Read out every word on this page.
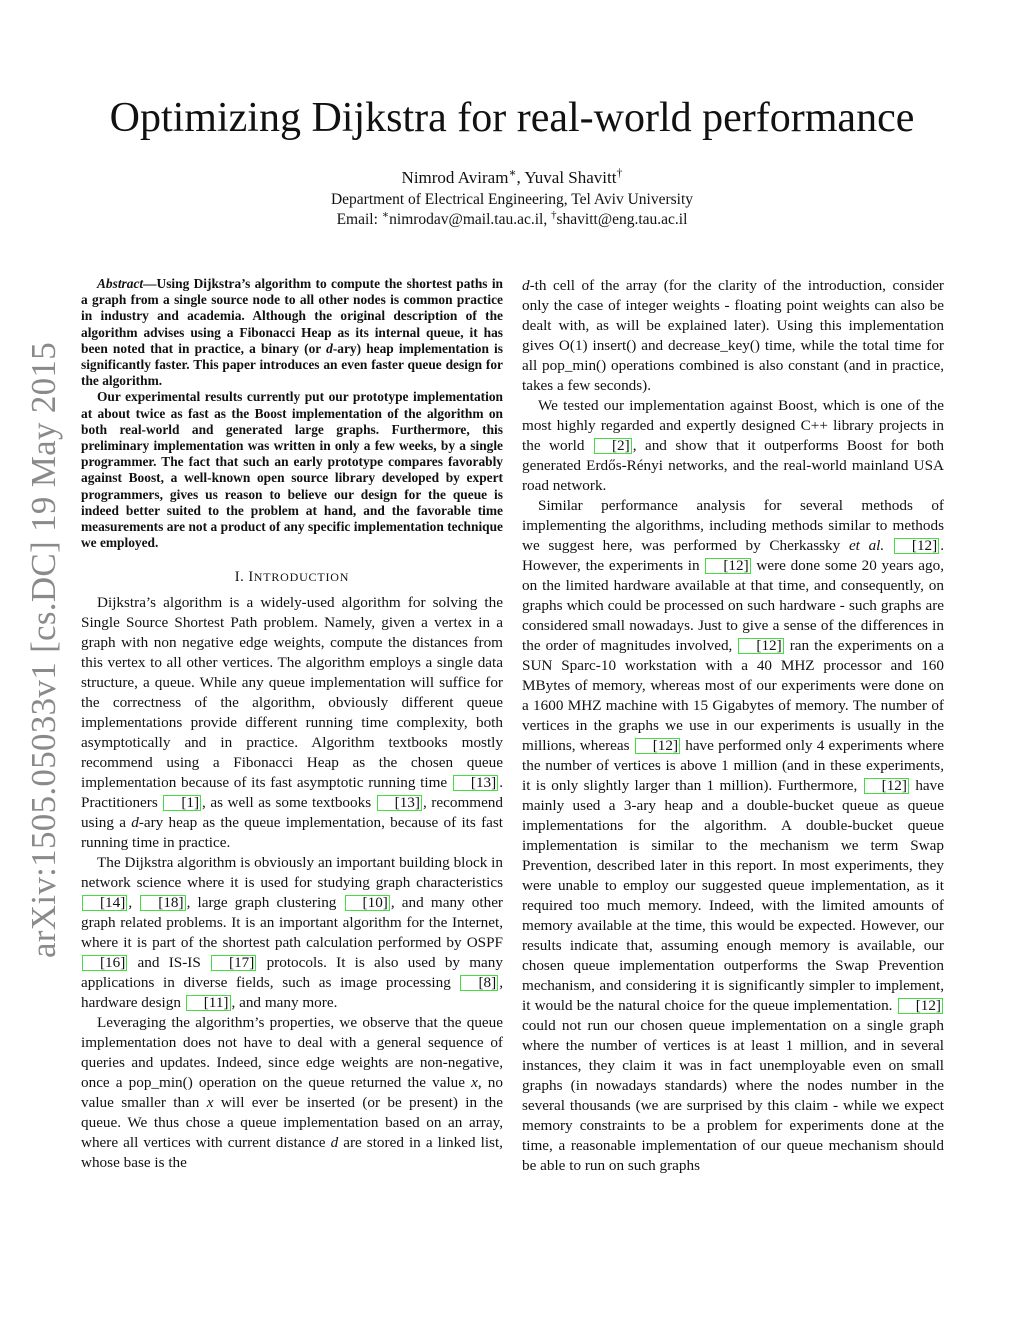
arXiv:1505.05033v1 [cs.DC] 19 May 2015
Optimizing Dijkstra for real-world performance
Nimrod Aviram∗, Yuval Shavitt†
Department of Electrical Engineering, Tel Aviv University
Email: ∗nimrodav@mail.tau.ac.il, †shavitt@eng.tau.ac.il

Abstract—Using Dijkstra’s algorithm to compute the shortest paths in a graph from a single source node to all other nodes is common practice in industry and academia. Although the original description of the algorithm advises using a Fibonacci Heap as its internal queue, it has been noted that in practice, a binary (or d-ary) heap implementation is significantly faster. This paper introduces an even faster queue design for the algorithm.

Our experimental results currently put our prototype implementation at about twice as fast as the Boost implementation of the algorithm on both real-world and generated large graphs. Furthermore, this preliminary implementation was written in only a few weeks, by a single programmer. The fact that such an early prototype compares favorably against Boost, a well-known open source library developed by expert programmers, gives us reason to believe our design for the queue is indeed better suited to the problem at hand, and the favorable time measurements are not a product of any specific implementation technique we employed.

I. INTRODUCTION

Dijkstra’s algorithm is a widely-used algorithm for solving the Single Source Shortest Path problem. Namely, given a vertex in a graph with non negative edge weights, compute the distances from this vertex to all other vertices. The algorithm employs a single data structure, a queue. While any queue implementation will suffice for the correctness of the algorithm, obviously different queue implementations provide different running time complexity, both asymptotically and in practice. Algorithm textbooks mostly recommend using a Fibonacci Heap as the chosen queue implementation because of its fast asymptotic running time [13] . Practitioners [1] , as well as some textbooks [13] , recommend using a d-ary heap as the queue implementation, because of its fast running time in practice.

The Dijkstra algorithm is obviously an important building block in network science where it is used for studying graph characteristics [14] , [18] , large graph clustering [10] , and many other graph related problems. It is an important algorithm for the Internet, where it is part of the shortest path calculation performed by OSPF [16] and IS-IS [17] protocols. It is also used by many applications in diverse fields, such as image processing [8] , hardware design [11] , and many more.

Leveraging the algorithm’s properties, we observe that the queue implementation does not have to deal with a general sequence of queries and updates. Indeed, since edge weights are non-negative, once a pop_min() operation on the queue returned the value x, no value smaller than x will ever be inserted (or be present) in the queue. We thus chose a queue implementation based on an array, where all vertices with current distance d are stored in a linked list, whose base is the

d-th cell of the array (for the clarity of the introduction, consider only the case of integer weights - floating point weights can also be dealt with, as will be explained later). Using this implementation gives O(1) insert() and decrease_key() time, while the total time for all pop_min() operations combined is also constant (and in practice, takes a few seconds).

We tested our implementation against Boost, which is one of the most highly regarded and expertly designed C++ library projects in the world [2] , and show that it outperforms Boost for both generated Erdős-Rényi networks, and the real-world mainland USA road network.

Similar performance analysis for several methods of implementing the algorithms, including methods similar to methods we suggest here, was performed by Cherkassky et al. [12] . However, the experiments in [12] were done some 20 years ago, on the limited hardware available at that time, and consequently, on graphs which could be processed on such hardware - such graphs are considered small nowadays. Just to give a sense of the differences in the order of magnitudes involved, [12] ran the experiments on a SUN Sparc-10 workstation with a 40 MHZ processor and 160 MBytes of memory, whereas most of our experiments were done on a 1600 MHZ machine with 15 Gigabytes of memory. The number of vertices in the graphs we use in our experiments is usually in the millions, whereas [12] have performed only 4 experiments where the number of vertices is above 1 million (and in these experiments, it is only slightly larger than 1 million). Furthermore, [12] have mainly used a 3-ary heap and a double-bucket queue as queue implementations for the algorithm. A double-bucket queue implementation is similar to the mechanism we term Swap Prevention, described later in this report. In most experiments, they were unable to employ our suggested queue implementation, as it required too much memory. Indeed, with the limited amounts of memory available at the time, this would be expected. However, our results indicate that, assuming enough memory is available, our chosen queue implementation outperforms the Swap Prevention mechanism, and considering it is significantly simpler to implement, it would be the natural choice for the queue implementation. [12] could not run our chosen queue implementation on a single graph where the number of vertices is at least 1 million, and in several instances, they claim it was in fact unemployable even on small graphs (in nowadays standards) where the nodes number in the several thousands (we are surprised by this claim - while we expect memory constraints to be a problem for experiments done at the time, a reasonable implementation of our queue mechanism should be able to run on such graphs
